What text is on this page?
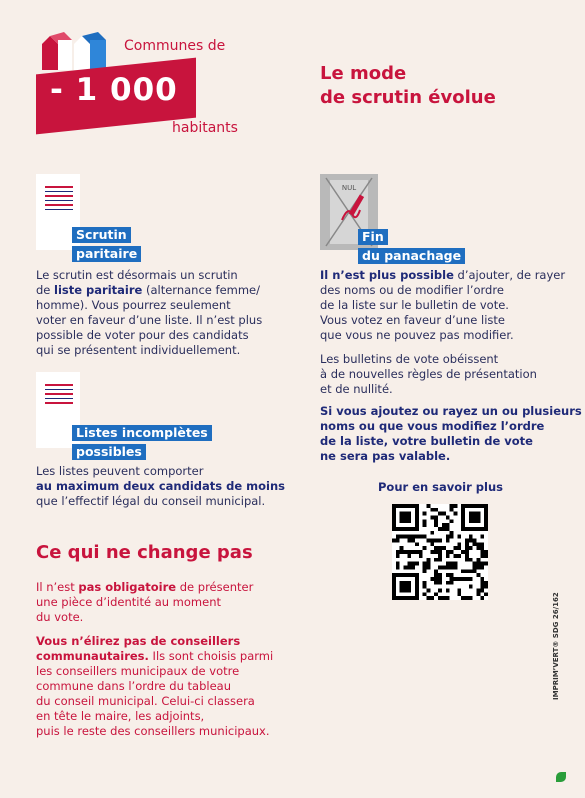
Communes de
- 1 000
habitants
Le mode
de scrutin évolue
Scrutin
paritaire
Le scrutin est désormais un scrutin
de liste paritaire (alternance femme/
homme). Vous pourrez seulement
voter en faveur d’une liste. Il n’est plus
possible de voter pour des candidats
qui se présentent individuellement.
Listes incomplètes
possibles
Les listes peuvent comporter
au maximum deux candidats de moins
que l’effectif légal du conseil municipal.
NUL
Fin
du panachage
Il n’est plus possible d’ajouter, de rayer
des noms ou de modifier l’ordre
de la liste sur le bulletin de vote.
Vous votez en faveur d’une liste
que vous ne pouvez pas modifier.
Les bulletins de vote obéissent
à de nouvelles règles de présentation
et de nullité.
Si vous ajoutez ou rayez un ou plusieurs
noms ou que vous modifiez l’ordre
de la liste, votre bulletin de vote
ne sera pas valable.
Pour en savoir plus
Ce qui ne change pas
Il n’est pas obligatoire de présenter
une pièce d’identité au moment
du vote.
Vous n’élirez pas de conseillers
communautaires. Ils sont choisis parmi
les conseillers municipaux de votre
commune dans l’ordre du tableau
du conseil municipal. Celui-ci classera
en tête le maire, les adjoints,
puis le reste des conseillers municipaux.
IMPRIM’VERT® SDG 26/162
